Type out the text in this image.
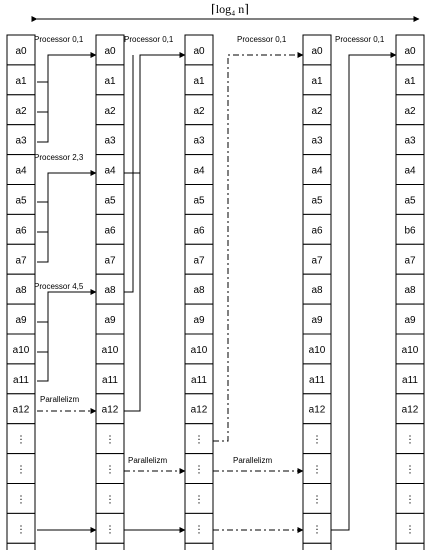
⌈log₄ n⌉
a0
a1
a2
a3
a4
a5
a6
a7
a8
a9
a10
a11
a12
⋮
⋮
⋮
⋮
a0
a1
a2
a3
a4
a5
a6
a7
a8
a9
a10
a11
a12
⋮
⋮
⋮
⋮
a0
a1
a2
a3
a4
a5
a6
a7
a8
a9
a10
a11
a12
⋮
⋮
⋮
⋮
a0
a1
a2
a3
a4
a5
a6
a7
a8
a9
a10
a11
a12
⋮
⋮
⋮
⋮
a0
a1
a2
a3
a4
a5
b6
a7
a8
a9
a10
a11
a12
⋮
⋮
⋮
⋮
Processor 0,1
Processor 2,3
Processor 4,5
Parallelizm
Processor 0,1
Parallelizm
Processor 0,1
Parallelizm
Processor 0,1
